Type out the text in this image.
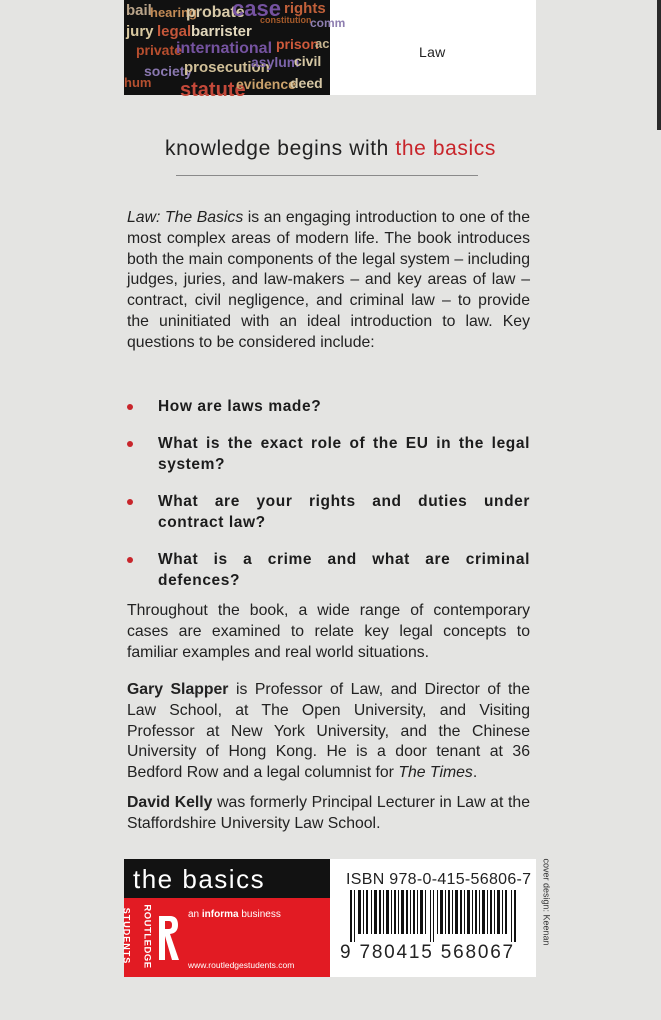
bail
hearing
probate
case
constitution
rights
comm
jury legal barrister
private
international prison
ac
society
prosecution
asylum
civil
hum statute
evidence
deed
Law
knowledge begins with the basics
Law: The Basics is an engaging introduction to one of the most complex areas of modern life. The book introduces both the main components of the legal system – including judges, juries, and law-makers – and key areas of law – contract, civil negligence, and criminal law – to provide the uninitiated with an ideal introduction to law. Key questions to be considered include:
How are laws made?
What is the exact role of the EU in the legal system?
What are your rights and duties under contract law?
What is a crime and what are criminal defences?
Throughout the book, a wide range of contemporary cases are examined to relate key legal concepts to familiar examples and real world situations.
Gary Slapper is Professor of Law, and Director of the Law School, at The Open University, and Visiting Professor at New York University, and the Chinese University of Hong Kong. He is a door tenant at 36 Bedford Row and a legal columnist for The Times.
David Kelly was formerly Principal Lecturer in Law at the Staffordshire University Law School.
the basics
STUDENTS ROUTLEDGE	an informa business
www.routledgestudents.com
ISBN 978-0-415-56806-7
9 780415 568067
cover design: Keenan
